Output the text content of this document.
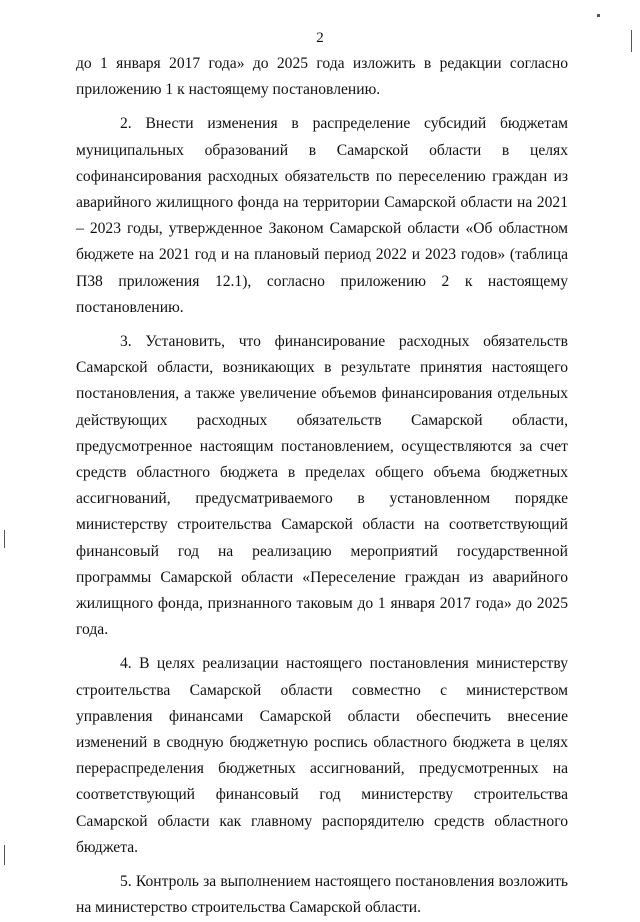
2

до 1 января 2017 года» до 2025 года изложить в редакции согласно приложению 1 к настоящему постановлению.

2. Внести изменения в распределение субсидий бюджетам муниципальных образований в Самарской области в целях софинансирования расходных обязательств по переселению граждан из аварийного жилищного фонда на территории Самарской области на 2021 – 2023 годы, утвержденное Законом Самарской области «Об областном бюджете на 2021 год и на плановый период 2022 и 2023 годов» (таблица П38 приложения 12.1), согласно приложению 2 к настоящему постановлению.

3. Установить, что финансирование расходных обязательств Самарской области, возникающих в результате принятия настоящего постановления, а также увеличение объемов финансирования отдельных действующих расходных обязательств Самарской области, предусмотренное настоящим постановлением, осуществляются за счет средств областного бюджета в пределах общего объема бюджетных ассигнований, предусматриваемого в установленном порядке министерству строительства Самарской области на соответствующий финансовый год на реализацию мероприятий государственной программы Самарской области «Переселение граждан из аварийного жилищного фонда, признанного таковым до 1 января 2017 года» до 2025 года.

4. В целях реализации настоящего постановления министерству строительства Самарской области совместно с министерством управления финансами Самарской области обеспечить внесение изменений в сводную бюджетную роспись областного бюджета в целях перераспределения бюджетных ассигнований, предусмотренных на соответствующий финансовый год министерству строительства Самарской области как главному распорядителю средств областного бюджета.

5. Контроль за выполнением настоящего постановления возложить на министерство строительства Самарской области.
